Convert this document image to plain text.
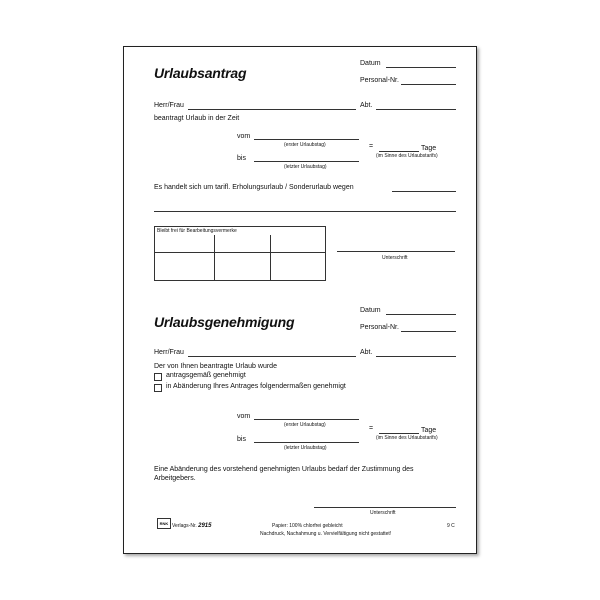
Urlaubsantrag
Datum
Personal-Nr.
Herr/Frau	Abt.
beantragt Urlaub in der Zeit
vom
(erster Urlaubstag)	=	Tage
(im Sinne des Urlaubstarifs)
bis
(letzter Urlaubstag)
Es handelt sich um tarifl. Erholungsurlaub / Sonderurlaub wegen
Bleibt frei für Bearbeitungsvermerke
Unterschrift
Datum
Urlaubsgenehmigung	Personal-Nr.
Herr/Frau	Abt.
Der von Ihnen beantragte Urlaub wurde
antragsgemäß genehmigt
in Abänderung Ihres Antrages folgendermaßen genehmigt
vom
(erster Urlaubstag)	=	Tage
(im Sinne des Urlaubstarifs)
bis
(letzter Urlaubstag)
Eine Abänderung des vorstehend genehmigten Urlaubs bedarf der Zustimmung des
Arbeitgebers.
Unterschrift
RNK Verlags-Nr. 2915	Papier: 100% chlorfrei gebleicht
Nachdruck, Nachahmung u. Vervielfältigung nicht gestattet!
9 C
